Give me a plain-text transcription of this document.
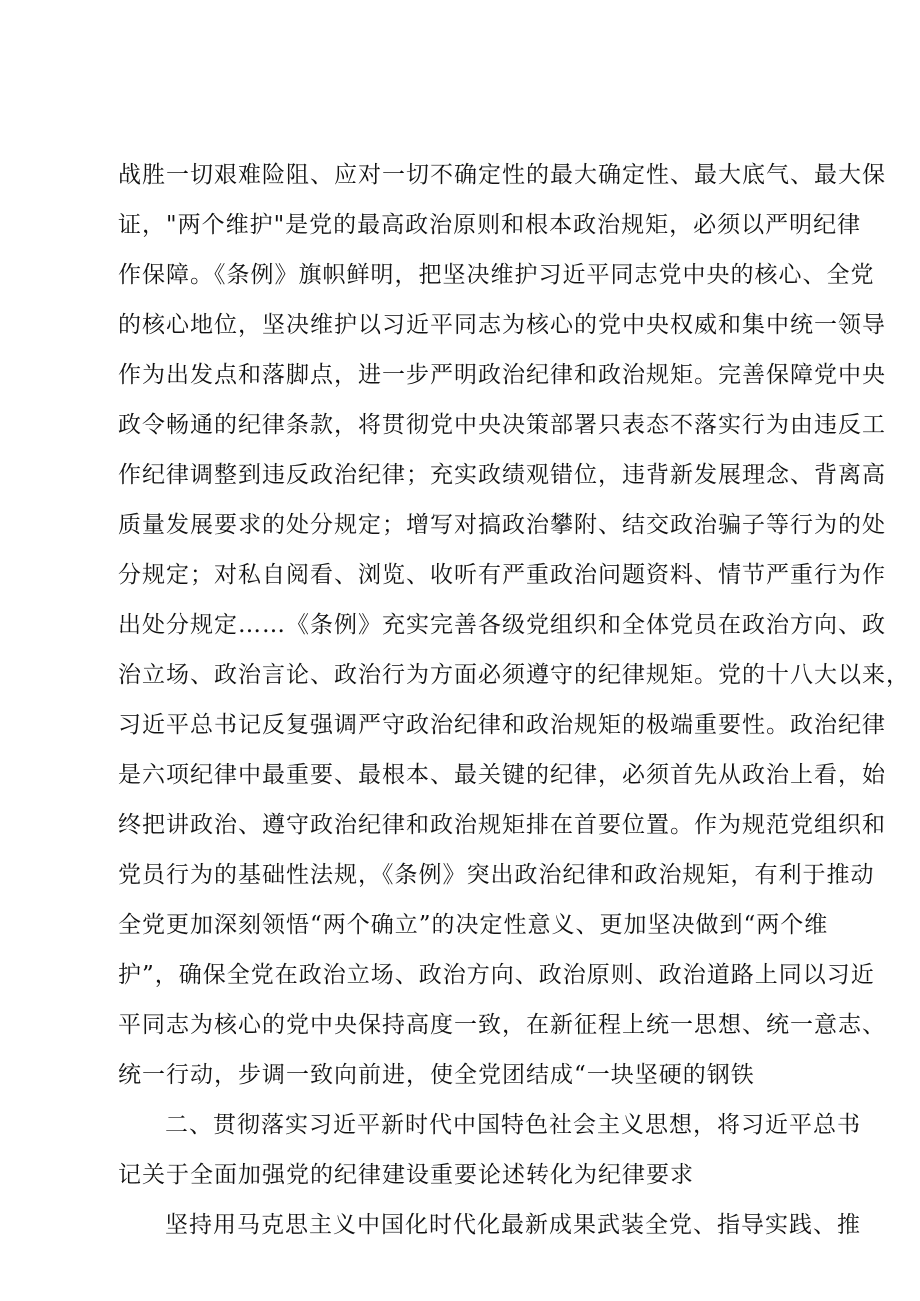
战胜一切艰难险阻、应对一切不确定性的最大确定性、最大底气、最大保
证，"两个维护"是党的最高政治原则和根本政治规矩，必须以严明纪律
作保障。《条例》旗帜鲜明，把坚决维护习近平同志党中央的核心、全党
的核心地位，坚决维护以习近平同志为核心的党中央权威和集中统一领导
作为出发点和落脚点，进一步严明政治纪律和政治规矩。完善保障党中央
政令畅通的纪律条款，将贯彻党中央决策部署只表态不落实行为由违反工
作纪律调整到违反政治纪律；充实政绩观错位，违背新发展理念、背离高
质量发展要求的处分规定；增写对搞政治攀附、结交政治骗子等行为的处
分规定；对私自阅看、浏览、收听有严重政治问题资料、情节严重行为作
出处分规定……《条例》充实完善各级党组织和全体党员在政治方向、政
治立场、政治言论、政治行为方面必须遵守的纪律规矩。党的十八大以来，
习近平总书记反复强调严守政治纪律和政治规矩的极端重要性。政治纪律
是六项纪律中最重要、最根本、最关键的纪律，必须首先从政治上看，始
终把讲政治、遵守政治纪律和政治规矩排在首要位置。作为规范党组织和
党员行为的基础性法规，《条例》突出政治纪律和政治规矩，有利于推动
全党更加深刻领悟“两个确立”的决定性意义、更加坚决做到“两个维
护”，确保全党在政治立场、政治方向、政治原则、政治道路上同以习近
平同志为核心的党中央保持高度一致，在新征程上统一思想、统一意志、
统一行动，步调一致向前进，使全党团结成“一块坚硬的钢铁
二、贯彻落实习近平新时代中国特色社会主义思想，将习近平总书
记关于全面加强党的纪律建设重要论述转化为纪律要求
坚持用马克思主义中国化时代化最新成果武装全党、指导实践、推
